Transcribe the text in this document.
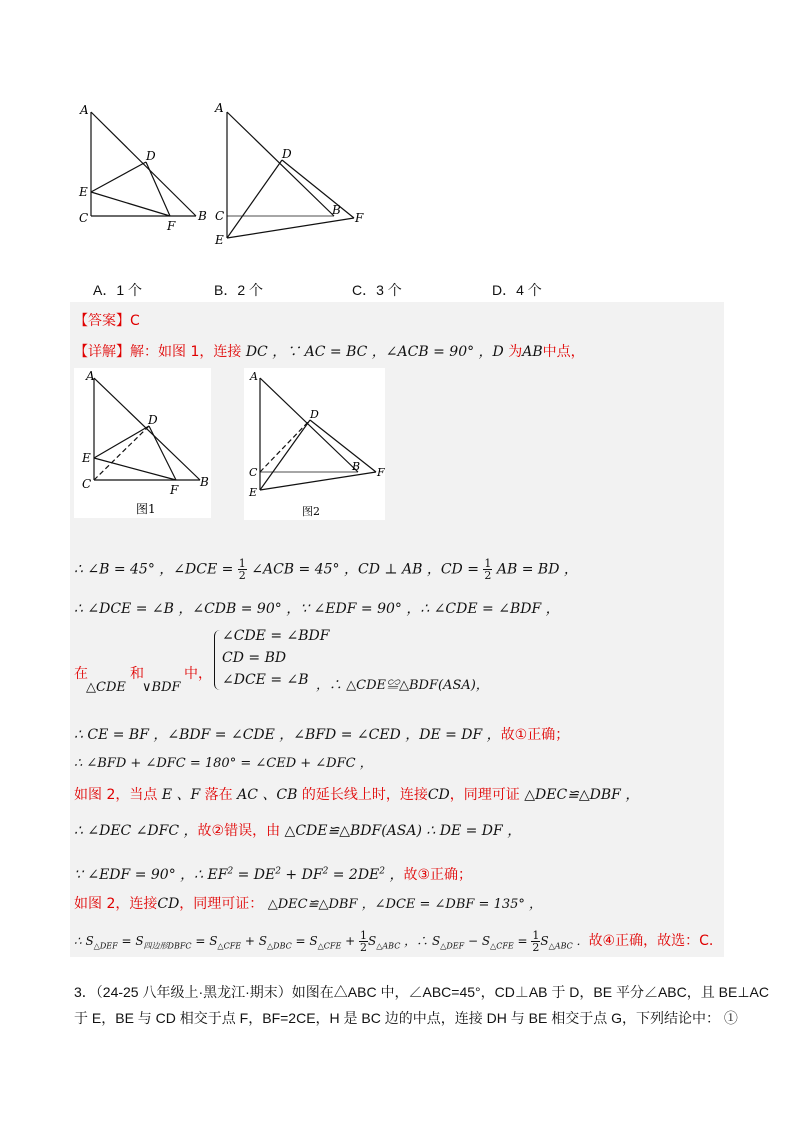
A
D
E
C
F
B
A
D
C	B
F
E
A．1 个	B．2 个	C．3 个	D．4 个
【答案】C
【详解】解：如图 1，连接 DC ，∵ AC = BC ，∠ACB = 90° ，D 为AB中点，
A
D
E
C	F
B
图1
A
D
C	B F
E
图2
∴ ∠B = 45° ，∠DCE = $\frac{1}{2}$ ∠ACB = 45° ，CD ⊥ AB ，CD = $\frac{1}{2}$ AB = BD ，
∴ ∠DCE = ∠B ，∠CDB = 90° ，∵ ∠EDF = 90° ，∴ ∠CDE = ∠BDF ，
∠CDE = ∠BDF
CD = BD
∠DCE = ∠B
在	和	中，
△CDE ∨BDF	，∴ △CDE≌△BDF(ASA)，
∴ CE = BF ，∠BDF = ∠CDE ，∠BFD = ∠CED ，DE = DF ，故①正确；
∴ ∠BFD + ∠DFC = 180° = ∠CED + ∠DFC ，
如图 2，当点 E 、F 落在 AC 、CB 的延长线上时，连接CD，同理可证 △DEC≌△DBF ，
∴ ∠DEC ∠DFC ，故②错误，由 △CDE≌△BDF(ASA) ∴ DE = DF ，
∵ ∠EDF = 90° ，∴ $EF^2 = DE^2 + DF^2 = 2DE^2$ ，故③正确；
如图 2，连接CD，同理可证： △DEC≌△DBF ，∠DCE = ∠DBF = 135° ，
∴ $S_{\triangle DEF} = S_{四边形DBFC} = S_{\triangle CFE} + S_{\triangle DBC} = S_{\triangle CFE} + \frac{1}{2} S_{\triangle ABC}$ ，∴ $S_{\triangle DEF} - S_{\triangle CFE} = \frac{1}{2} S_{\triangle ABC}$ ．故④正确，故选：C.
3．（24-25 八年级上·黑龙江·期末）如图在△ABC 中，∠ABC=45°，CD⊥AB 于 D，BE 平分∠ABC，且 BE⊥AC
于 E，BE 与 CD 相交于点 F，BF=2CE，H 是 BC 边的中点，连接 DH 与 BE 相交于点 G，下列结论中： ①
